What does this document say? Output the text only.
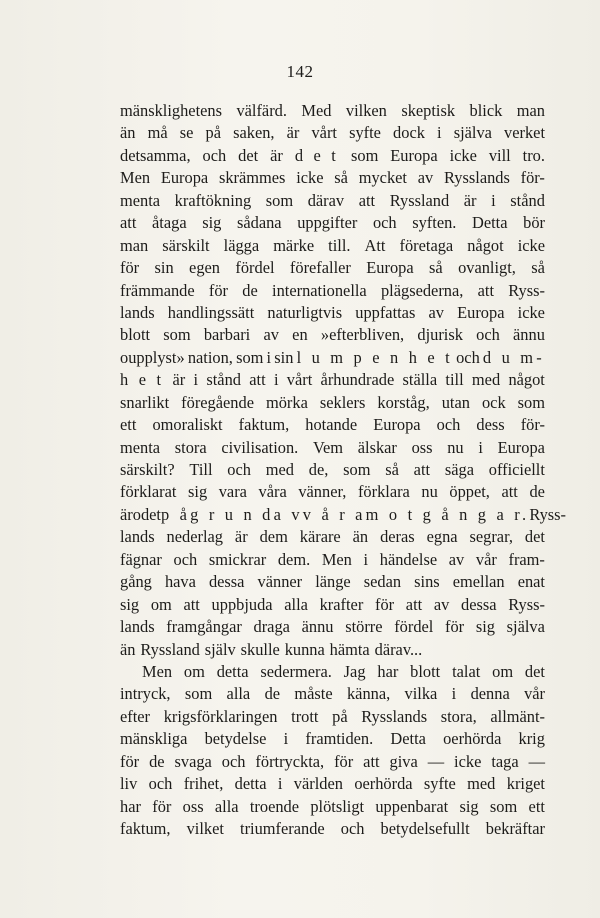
142
mänsklighetens välfärd. Med vilken skeptisk blick man
än må se på saken, är vårt syfte dock i själva verket
detsamma, och det är d e t som Europa icke vill tro.
Men Europa skrämmes icke så mycket av Rysslands för-
menta kraftökning som därav att Ryssland är i stånd
att åtaga sig sådana uppgifter och syften. Detta bör
man särskilt lägga märke till. Att företaga något icke
för sin egen fördel förefaller Europa så ovanligt, så
främmande för de internationella plägsederna, att Ryss-
lands handlingssätt naturligtvis uppfattas av Europa icke
blott som barbari av en »efterbliven, djurisk och ännu
oupplyst» nation, som i sin l u m p e n h e t och d u m-
h e t är i stånd att i vårt århundrade ställa till med något
snarlikt föregående mörka seklers korståg, utan ock som
ett omoraliskt faktum, hotande Europa och dess för-
menta stora civilisation. Vem älskar oss nu i Europa
särskilt? Till och med de, som så att säga officiellt
förklarat sig vara våra vänner, förklara nu öppet, att de
äro det p å g r u n d a v v å r a m o t g å n g a r. Ryss-
lands nederlag är dem kärare än deras egna segrar, det
fägnar och smickrar dem. Men i händelse av vår fram-
gång hava dessa vänner länge sedan sins emellan enat
sig om att uppbjuda alla krafter för att av dessa Ryss-
lands framgångar draga ännu större fördel för sig själva
än Ryssland själv skulle kunna hämta därav...
Men om detta sedermera. Jag har blott talat om det
intryck, som alla de måste känna, vilka i denna vår
efter krigsförklaringen trott på Rysslands stora, allmänt-
mänskliga betydelse i framtiden. Detta oerhörda krig
för de svaga och förtryckta, för att giva — icke taga —
liv och frihet, detta i världen oerhörda syfte med kriget
har för oss alla troende plötsligt uppenbarat sig som ett
faktum, vilket triumferande och betydelsefullt bekräftar
